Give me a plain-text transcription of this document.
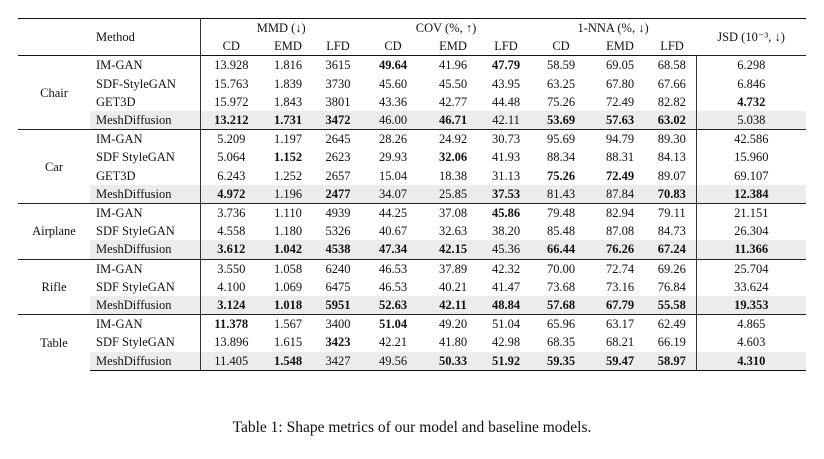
	Method	MMD (↓)			COV (%, ↑)			1-NNA (%, ↓)			JSD (10⁻³, ↓)
		CD	EMD	LFD	CD	EMD	LFD	CD	EMD	LFD	
Chair	IM-GAN	13.928	1.816	3615	49.64	41.96	47.79	58.59	69.05	68.58	6.298
	SDF-StyleGAN	15.763	1.839	3730	45.60	45.50	43.95	63.25	67.80	67.66	6.846
	GET3D	15.972	1.843	3801	43.36	42.77	44.48	75.26	72.49	82.82	4.732
	MeshDiffusion	13.212	1.731	3472	46.00	46.71	42.11	53.69	57.63	63.02	5.038
Car	IM-GAN	5.209	1.197	2645	28.26	24.92	30.73	95.69	94.79	89.30	42.586
	SDF StyleGAN	5.064	1.152	2623	29.93	32.06	41.93	88.34	88.31	84.13	15.960
	GET3D	6.243	1.252	2657	15.04	18.38	31.13	75.26	72.49	89.07	69.107
	MeshDiffusion	4.972	1.196	2477	34.07	25.85	37.53	81.43	87.84	70.83	12.384
Airplane	IM-GAN	3.736	1.110	4939	44.25	37.08	45.86	79.48	82.94	79.11	21.151
	SDF StyleGAN	4.558	1.180	5326	40.67	32.63	38.20	85.48	87.08	84.73	26.304
	MeshDiffusion	3.612	1.042	4538	47.34	42.15	45.36	66.44	76.26	67.24	11.366
Rifle	IM-GAN	3.550	1.058	6240	46.53	37.89	42.32	70.00	72.74	69.26	25.704
	SDF StyleGAN	4.100	1.069	6475	46.53	40.21	41.47	73.68	73.16	76.84	33.624
	MeshDiffusion	3.124	1.018	5951	52.63	42.11	48.84	57.68	67.79	55.58	19.353
Table	IM-GAN	11.378	1.567	3400	51.04	49.20	51.04	65.96	63.17	62.49	4.865
	SDF StyleGAN	13.896	1.615	3423	42.21	41.80	42.98	68.35	68.21	66.19	4.603
	MeshDiffusion	11.405	1.548	3427	49.56	50.33	51.92	59.35	59.47	58.97	4.310
Table 1: Shape metrics of our model and baseline models.
